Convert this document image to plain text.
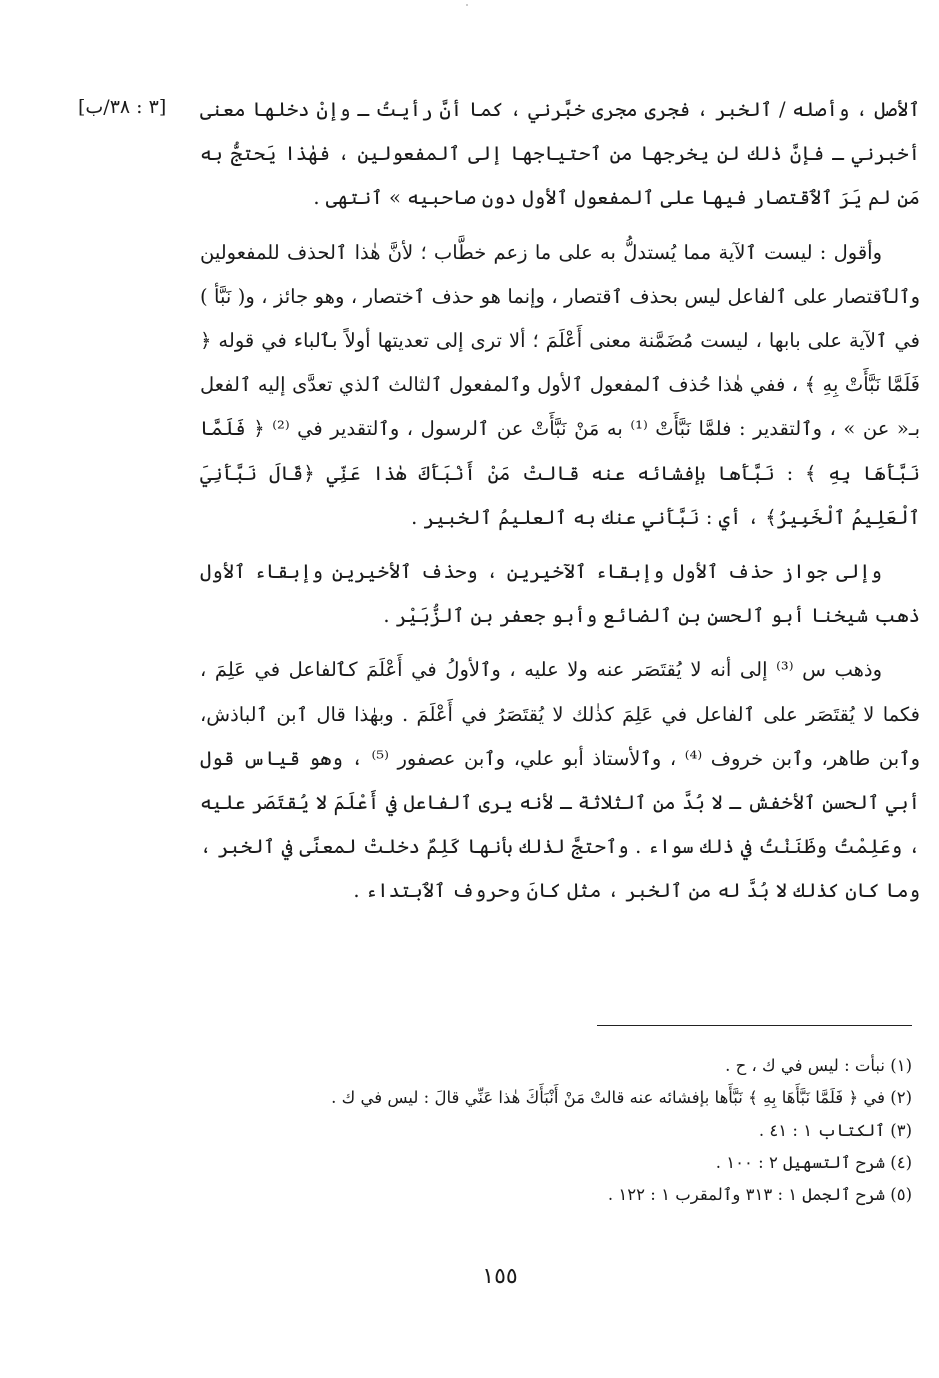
[٣ : ٣٨/ب]	ٱلأصل ، وأصله / ٱلخبر ، فجرى مجرى خبَّرني ، كما أنَّ رأيتُ ـ وإنْ دخلها معنى أخبرني ـ فإنَّ ذٰلك لن يخرجها من ٱحتياجها إلى ٱلمفعولين ، فهٰذا يَحتجُّ به مَن لم يَرَ ٱلٱقتصار فيها على ٱلمفعول ٱلأول دون صاحبيه » ٱنتهى .

وأقول : ليست ٱلآية مما يُستدلُّ به على ما زعم خطَّاب ؛ لأنَّ هٰذا ٱلحذف للمفعولين وٱلٱقتصار على ٱلفاعل ليس بحذف ٱقتصار ، وإنما هو حذف ٱختصار ، وهو جائز ، و( نَبَّأ ) في ٱلآية على بابها ، ليست مُضَمَّنة معنى أَعْلَمَ ؛ ألا ترى إلى تعديتها أولاً بٱلباء في قوله ﴿ فَلَمَّا نَبَّأَتْ بِهِ ﴾ ، ففي هٰذا حُذف ٱلمفعول ٱلأول وٱلمفعول ٱلثالث ٱلذي تعدَّى إليه ٱلفعل بـ« عن » ، وٱلتقدير : فلمَّا نَبَّأَتْ ⁽¹⁾ به مَنْ نَبَّأَتْ عن ٱلرسول ، وٱلتقدير في ⁽²⁾ ﴿ فَلَمَّا نَبَّأَهَا بِهِ ﴾ : نَبَّأَها بإفشائه عنه قالتْ مَنْ أَنْبَأَكَ هٰذا عَنِّي ﴿قَالَ نَبَّأَنِيَ ٱلْعَلِيمُ ٱلْخَبِيرُ﴾ ، أي : نَبَّأَني عنك به ٱلعليمُ ٱلخبير .

وإلى جواز حذف ٱلأول وإبقاء ٱلآخيرين ، وحذف ٱلأخيرين وإبقاء ٱلأول ذهب شيخنا أبو ٱلحسن بن ٱلضائع وأبو جعفر بن ٱلزُّبَيْر .

وذهب س ⁽³⁾ إلى أنه لا يُقتَصَر عنه ولا عليه ، وٱلأولُ في أَعْلَمَ كٱلفاعل في عَلِمَ ، فكما لا يُقتَصَر على ٱلفاعل في عَلِمَ كذٰلك لا يُقتَصَرُ في أَعْلَمَ . وبهٰذا قال ٱبن ٱلباذش، وٱبن طاهر، وٱبن خروف ⁽⁴⁾ ، وٱلأستاذ أبو علي، وٱبن عصفور ⁽⁵⁾ ، وهو قياس قول أبي ٱلحسن ٱلأخفش ـ لا بُدَّ من ٱلثلاثة ـ لأنه يرى ٱلفاعل في أَعْلَمَ لا يُقتَصَر عليه ، وعَلِمْتُ وظَنَنْتُ في ذٰلك سواء . وٱحتجَّ لذٰلك بأنها كَلِمٌ دخلتْ لمعنًى في ٱلخبر ، وما كان كذٰلك لا بُدَّ له من ٱلخبر ، مثل كانَ وحروف ٱلٱبتداء .

(١) نبأت : ليس في ك ، ح .
(٢) في ﴿ فَلَمَّا نَبَّأَهَا بِهِ ﴾ نَبَّأَها بإفشائه عنه قالتْ مَنْ أَنْبَأَكَ هٰذا عَنِّي قالَ : ليس في ك .
(٣) ٱلكتاب ١ : ٤١ .
(٤) شرح ٱلتسهيل ٢ : ١٠٠ .
(٥) شرح ٱلجمل ١ : ٣١٣ وٱلمقرب ١ : ١٢٢ .
١٥٥
